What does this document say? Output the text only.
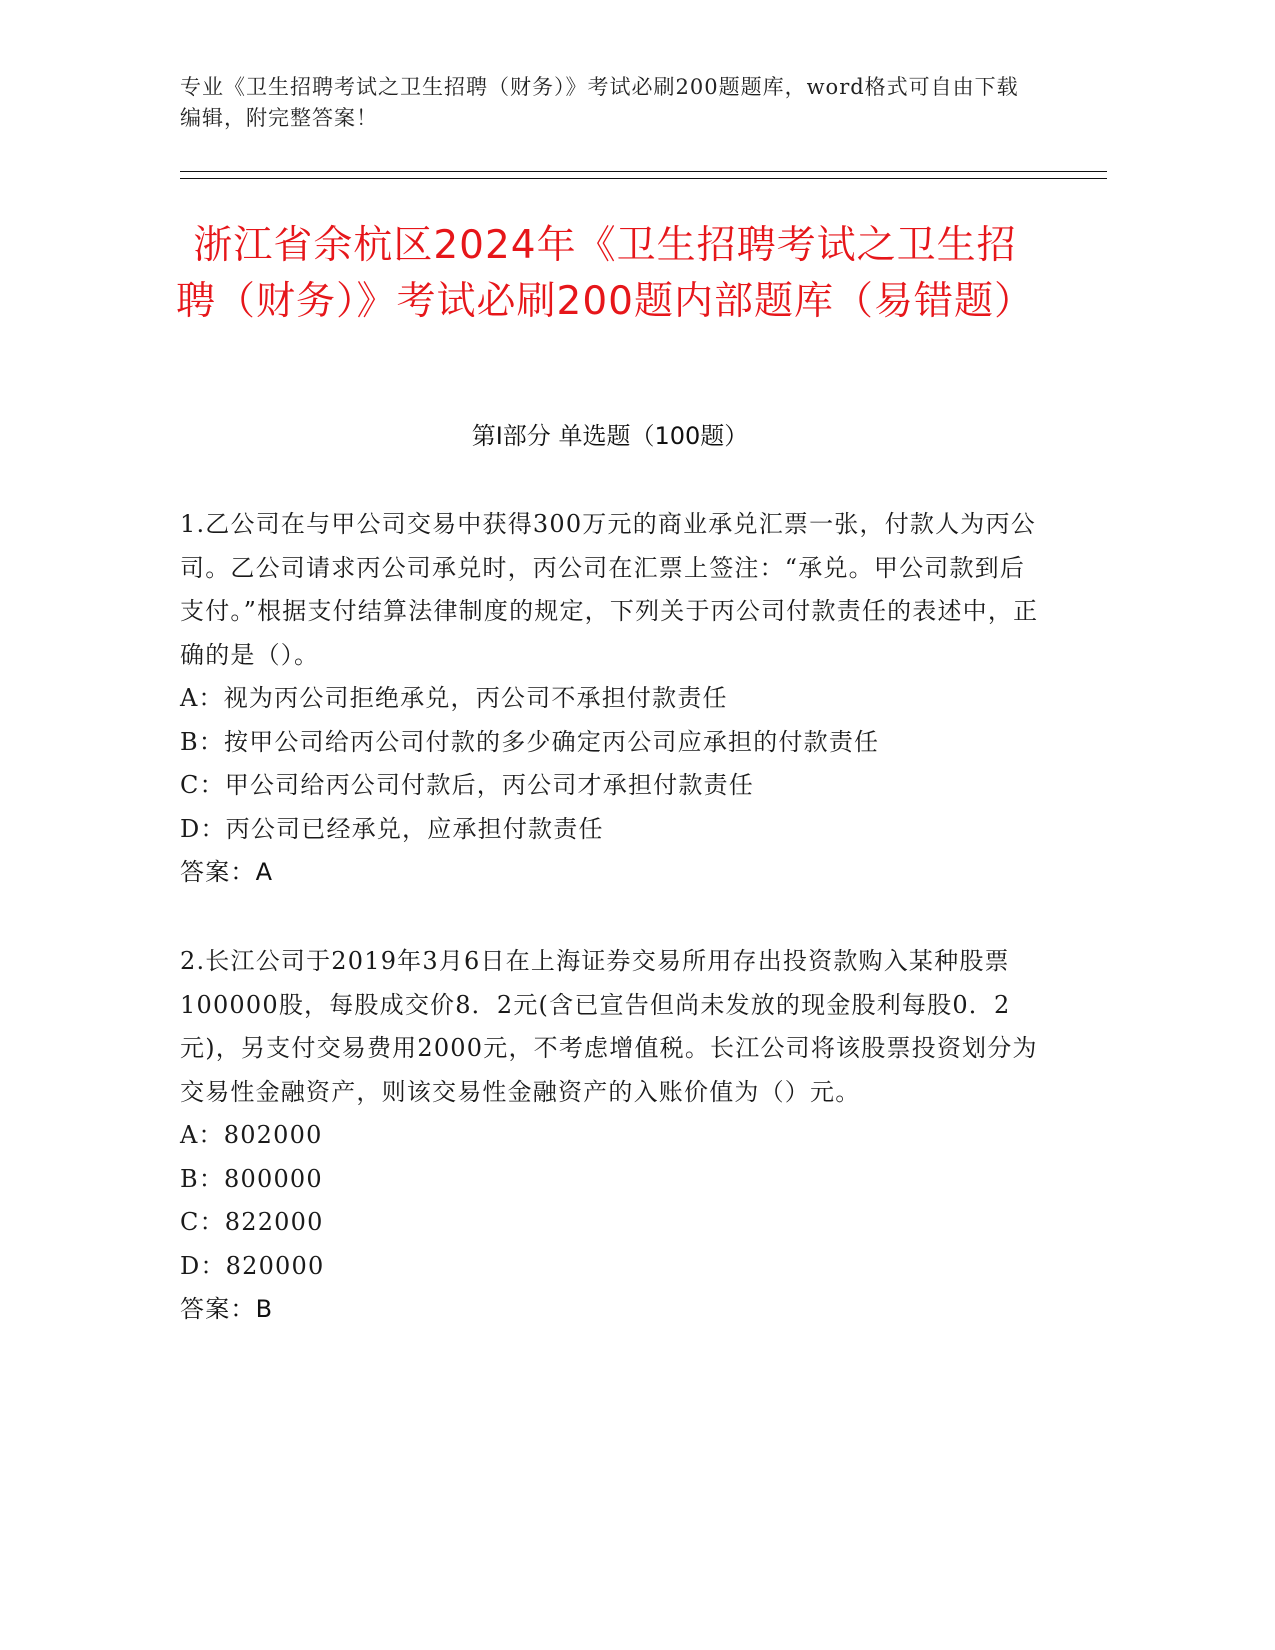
专业《卫生招聘考试之卫生招聘（财务）》考试必刷200题题库，word格式可自由下载编辑，附完整答案！
浙江省余杭区2024年《卫生招聘考试之卫生招聘（财务）》考试必刷200题内部题库（易错题）
第Ⅰ部分 单选题（100题）

1.乙公司在与甲公司交易中获得300万元的商业承兑汇票一张，付款人为丙公司。乙公司请求丙公司承兑时，丙公司在汇票上签注：“承兑。甲公司款到后支付。”根据支付结算法律制度的规定，下列关于丙公司付款责任的表述中，正确的是（）。

A：视为丙公司拒绝承兑，丙公司不承担付款责任

B：按甲公司给丙公司付款的多少确定丙公司应承担的付款责任

C：甲公司给丙公司付款后，丙公司才承担付款责任

D：丙公司已经承兑，应承担付款责任

答案：A

2.长江公司于2019年3月6日在上海证券交易所用存出投资款购入某种股票100000股，每股成交价8．2元(含已宣告但尚未发放的现金股利每股0．2元)，另支付交易费用2000元，不考虑增值税。长江公司将该股票投资划分为交易性金融资产，则该交易性金融资产的入账价值为（）元。

A：802000

B：800000

C：822000

D：820000

答案：B
